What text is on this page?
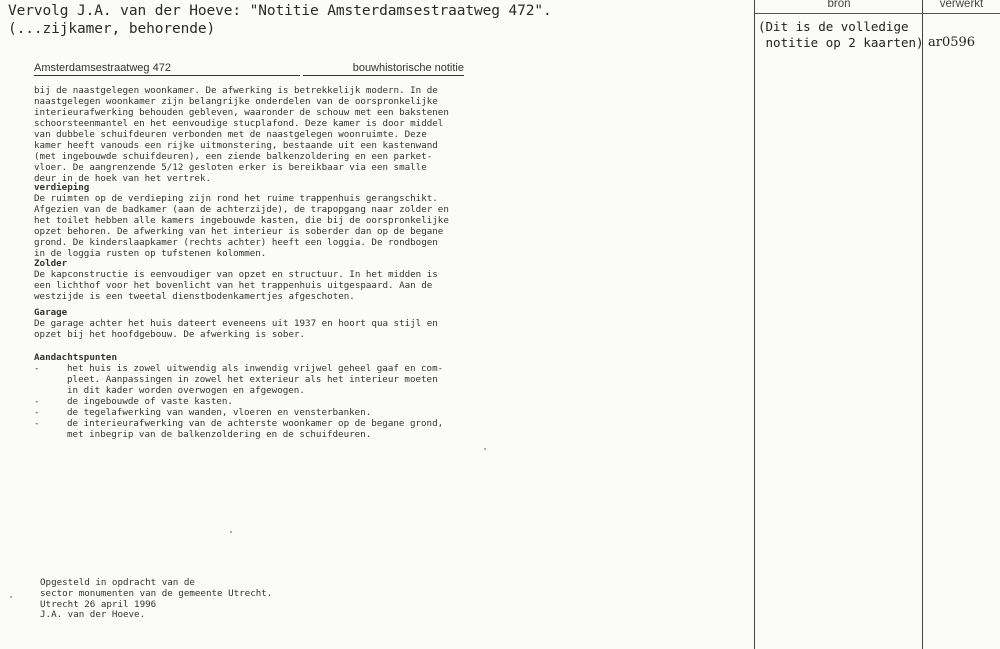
Vervolg J.A. van der Hoeve: "Notitie Amsterdamsestraatweg 472".
(...zijkamer, behorende)
Amsterdamsestraatweg 472	bouwhistorische notitie
bij de naastgelegen woonkamer. De afwerking is betrekkelijk modern. In de
naastgelegen woonkamer zijn belangrijke onderdelen van de oorspronkelijke
interieurafwerking behouden gebleven, waaronder de schouw met een bakstenen
schoorsteenmantel en het eenvoudige stucplafond. Deze kamer is door middel
van dubbele schuifdeuren verbonden met de naastgelegen woonruimte. Deze
kamer heeft vanouds een rijke uitmonstering, bestaande uit een kastenwand
(met ingebouwde schuifdeuren), een ziende balkenzoldering en een parket-
vloer. De aangrenzende 5/12 gesloten erker is bereikbaar via een smalle
deur in de hoek van het vertrek.
verdieping
De ruimten op de verdieping zijn rond het ruime trappenhuis gerangschikt.
Afgezien van de badkamer (aan de achterzijde), de trapopgang naar zolder en
het toilet hebben alle kamers ingebouwde kasten, die bij de oorspronkelijke
opzet behoren. De afwerking van het interieur is soberder dan op de begane
grond. De kinderslaapkamer (rechts achter) heeft een loggia. De rondbogen
in de loggia rusten op tufstenen kolommen.
Zolder
De kapconstructie is eenvoudiger van opzet en structuur. In het midden is
een lichthof voor het bovenlicht van het trappenhuis uitgespaard. Aan de
westzijde is een tweetal dienstbodenkamertjes afgeschoten.
Garage
De garage achter het huis dateert eveneens uit 1937 en hoort qua stijl en
opzet bij het hoofdgebouw. De afwerking is sober.
Aandachtspunten
-	het huis is zowel uitwendig als inwendig vrijwel geheel gaaf en com-
pleet. Aanpassingen in zowel het exterieur als het interieur moeten
in dit kader worden overwogen en afgewogen.
-	de ingebouwde of vaste kasten.
-	de tegelafwerking van wanden, vloeren en vensterbanken.
-	de interieurafwerking van de achterste woonkamer op de begane grond,
met inbegrip van de balkenzoldering en de schuifdeuren.
Opgesteld in opdracht van de
sector monumenten van de gemeente Utrecht.
Utrecht 26 april 1996
J.A. van der Hoeve.
bron	verwerkt
(Dit is de volledige
notitie op 2 kaarten) ar0596
